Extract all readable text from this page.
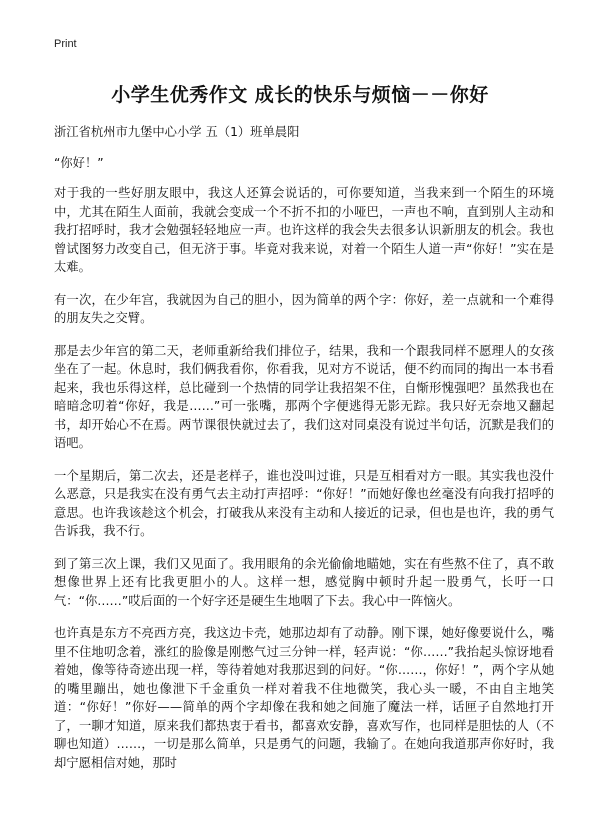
Print
小学生优秀作文 成长的快乐与烦恼－－你好

浙江省杭州市九堡中心小学 五（1）班单晨阳

“你好！”

对于我的一些好朋友眼中，我这人还算会说话的，可你要知道，当我来到一个陌生的环境中，尤其在陌生人面前，我就会变成一个不折不扣的小哑巴，一声也不响，直到别人主动和我打招呼时，我才会勉强轻轻地应一声。也许这样的我会失去很多认识新朋友的机会。我也曾试图努力改变自己，但无济于事。毕竟对我来说，对着一个陌生人道一声“你好！”实在是太难。

有一次，在少年宫，我就因为自己的胆小，因为简单的两个字：你好，差一点就和一个难得的朋友失之交臂。

那是去少年宫的第二天，老师重新给我们排位子，结果，我和一个跟我同样不愿理人的女孩坐在了一起。休息时，我们俩我看你，你看我，见对方不说话，便不约而同的掏出一本书看起来，我也乐得这样，总比碰到一个热情的同学让我招架不住，自惭形愧强吧？虽然我也在暗暗念叨着“你好，我是……”可一张嘴，那两个字便逃得无影无踪。我只好无奈地又翻起书，却开始心不在焉。两节课很快就过去了，我们这对同桌没有说过半句话，沉默是我们的语吧。

一个星期后，第二次去，还是老样子，谁也没叫过谁，只是互相看对方一眼。其实我也没什么恶意，只是我实在没有勇气去主动打声招呼：“你好！”而她好像也丝毫没有向我打招呼的意思。也许我该趁这个机会，打破我从来没有主动和人接近的记录，但也是也许，我的勇气告诉我，我不行。

到了第三次上课，我们又见面了。我用眼角的余光偷偷地瞄她，实在有些熬不住了，真不敢想像世界上还有比我更胆小的人。这样一想，感觉胸中顿时升起一股勇气，长吁一口气：“你……”哎后面的一个好字还是硬生生地咽了下去。我心中一阵恼火。

也许真是东方不亮西方亮，我这边卡壳，她那边却有了动静。刚下课，她好像要说什么，嘴里不住地叨念着，涨红的脸像是刚憋气过三分钟一样，轻声说：“你……”我抬起头惊讶地看着她，像等待奇迹出现一样，等待着她对我那迟到的问好。“你……，你好！”，两个字从她的嘴里蹦出，她也像泄下千金重负一样对着我不住地微笑，我心头一暖，不由自主地笑道：“你好！”你好——简单的两个字却像在我和她之间施了魔法一样，话匣子自然地打开了，一聊才知道，原来我们都热衷于看书，都喜欢安静，喜欢写作，也同样是胆怯的人（不聊也知道）……，一切是那么简单，只是勇气的问题，我输了。在她向我道那声你好时，我却宁愿相信对她，那时
